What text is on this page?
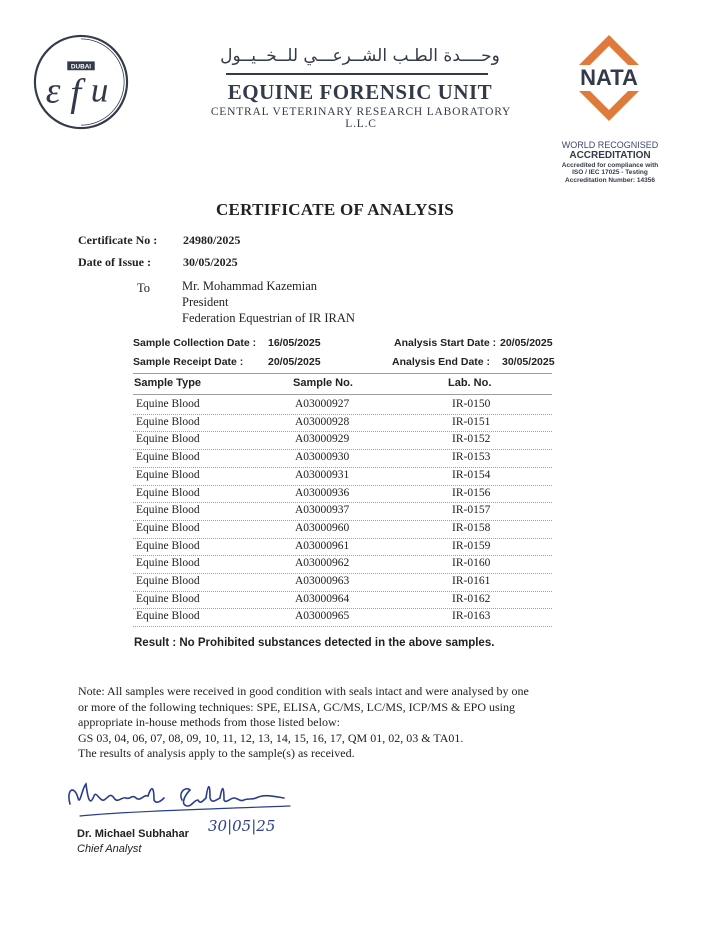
DUBAI
ε f u
وحــــدة الطـب الشــرعـــي للــخــيــول
EQUINE FORENSIC UNIT
CENTRAL VETERINARY RESEARCH LABORATORY L.L.C
NATA
WORLD RECOGNISED
ACCREDITATION
Accredited for compliance with
ISO / IEC 17025 - Testing
Accreditation Number: 14356
CERTIFICATE OF ANALYSIS
Certificate No : 24980/2025
Date of Issue :	30/05/2025
To	Mr. Mohammad Kazemian
President
Federation Equestrian of IR IRAN
Sample Collection Date : 16/05/2025
Sample Receipt Date : 20/05/2025
Analysis Start Date : 20/05/2025
Analysis End Date : 30/05/2025
Sample Type	Sample No.	Lab. No.
Equine Blood	A03000927	IR-0150
Equine Blood	A03000928	IR-0151
Equine Blood	A03000929	IR-0152
Equine Blood	A03000930	IR-0153
Equine Blood	A03000931	IR-0154
Equine Blood	A03000936	IR-0156
Equine Blood	A03000937	IR-0157
Equine Blood	A03000960	IR-0158
Equine Blood	A03000961	IR-0159
Equine Blood	A03000962	IR-0160
Equine Blood	A03000963	IR-0161
Equine Blood	A03000964	IR-0162
Equine Blood	A03000965	IR-0163
Result : No Prohibited substances detected in the above samples.

Note: All samples were received in good condition with seals intact and were analysed by one

or more of the following techniques: SPE, ELISA, GC/MS, LC/MS, ICP/MS & EPO using

appropriate in-house methods from those listed below:

GS 03, 04, 06, 07, 08, 09, 10, 11, 12, 13, 14, 15, 16, 17, QM 01, 02, 03 & TA01.

The results of analysis apply to the sample(s) as received.

30|05|25
Dr. Michael Subhahar
Chief Analyst
